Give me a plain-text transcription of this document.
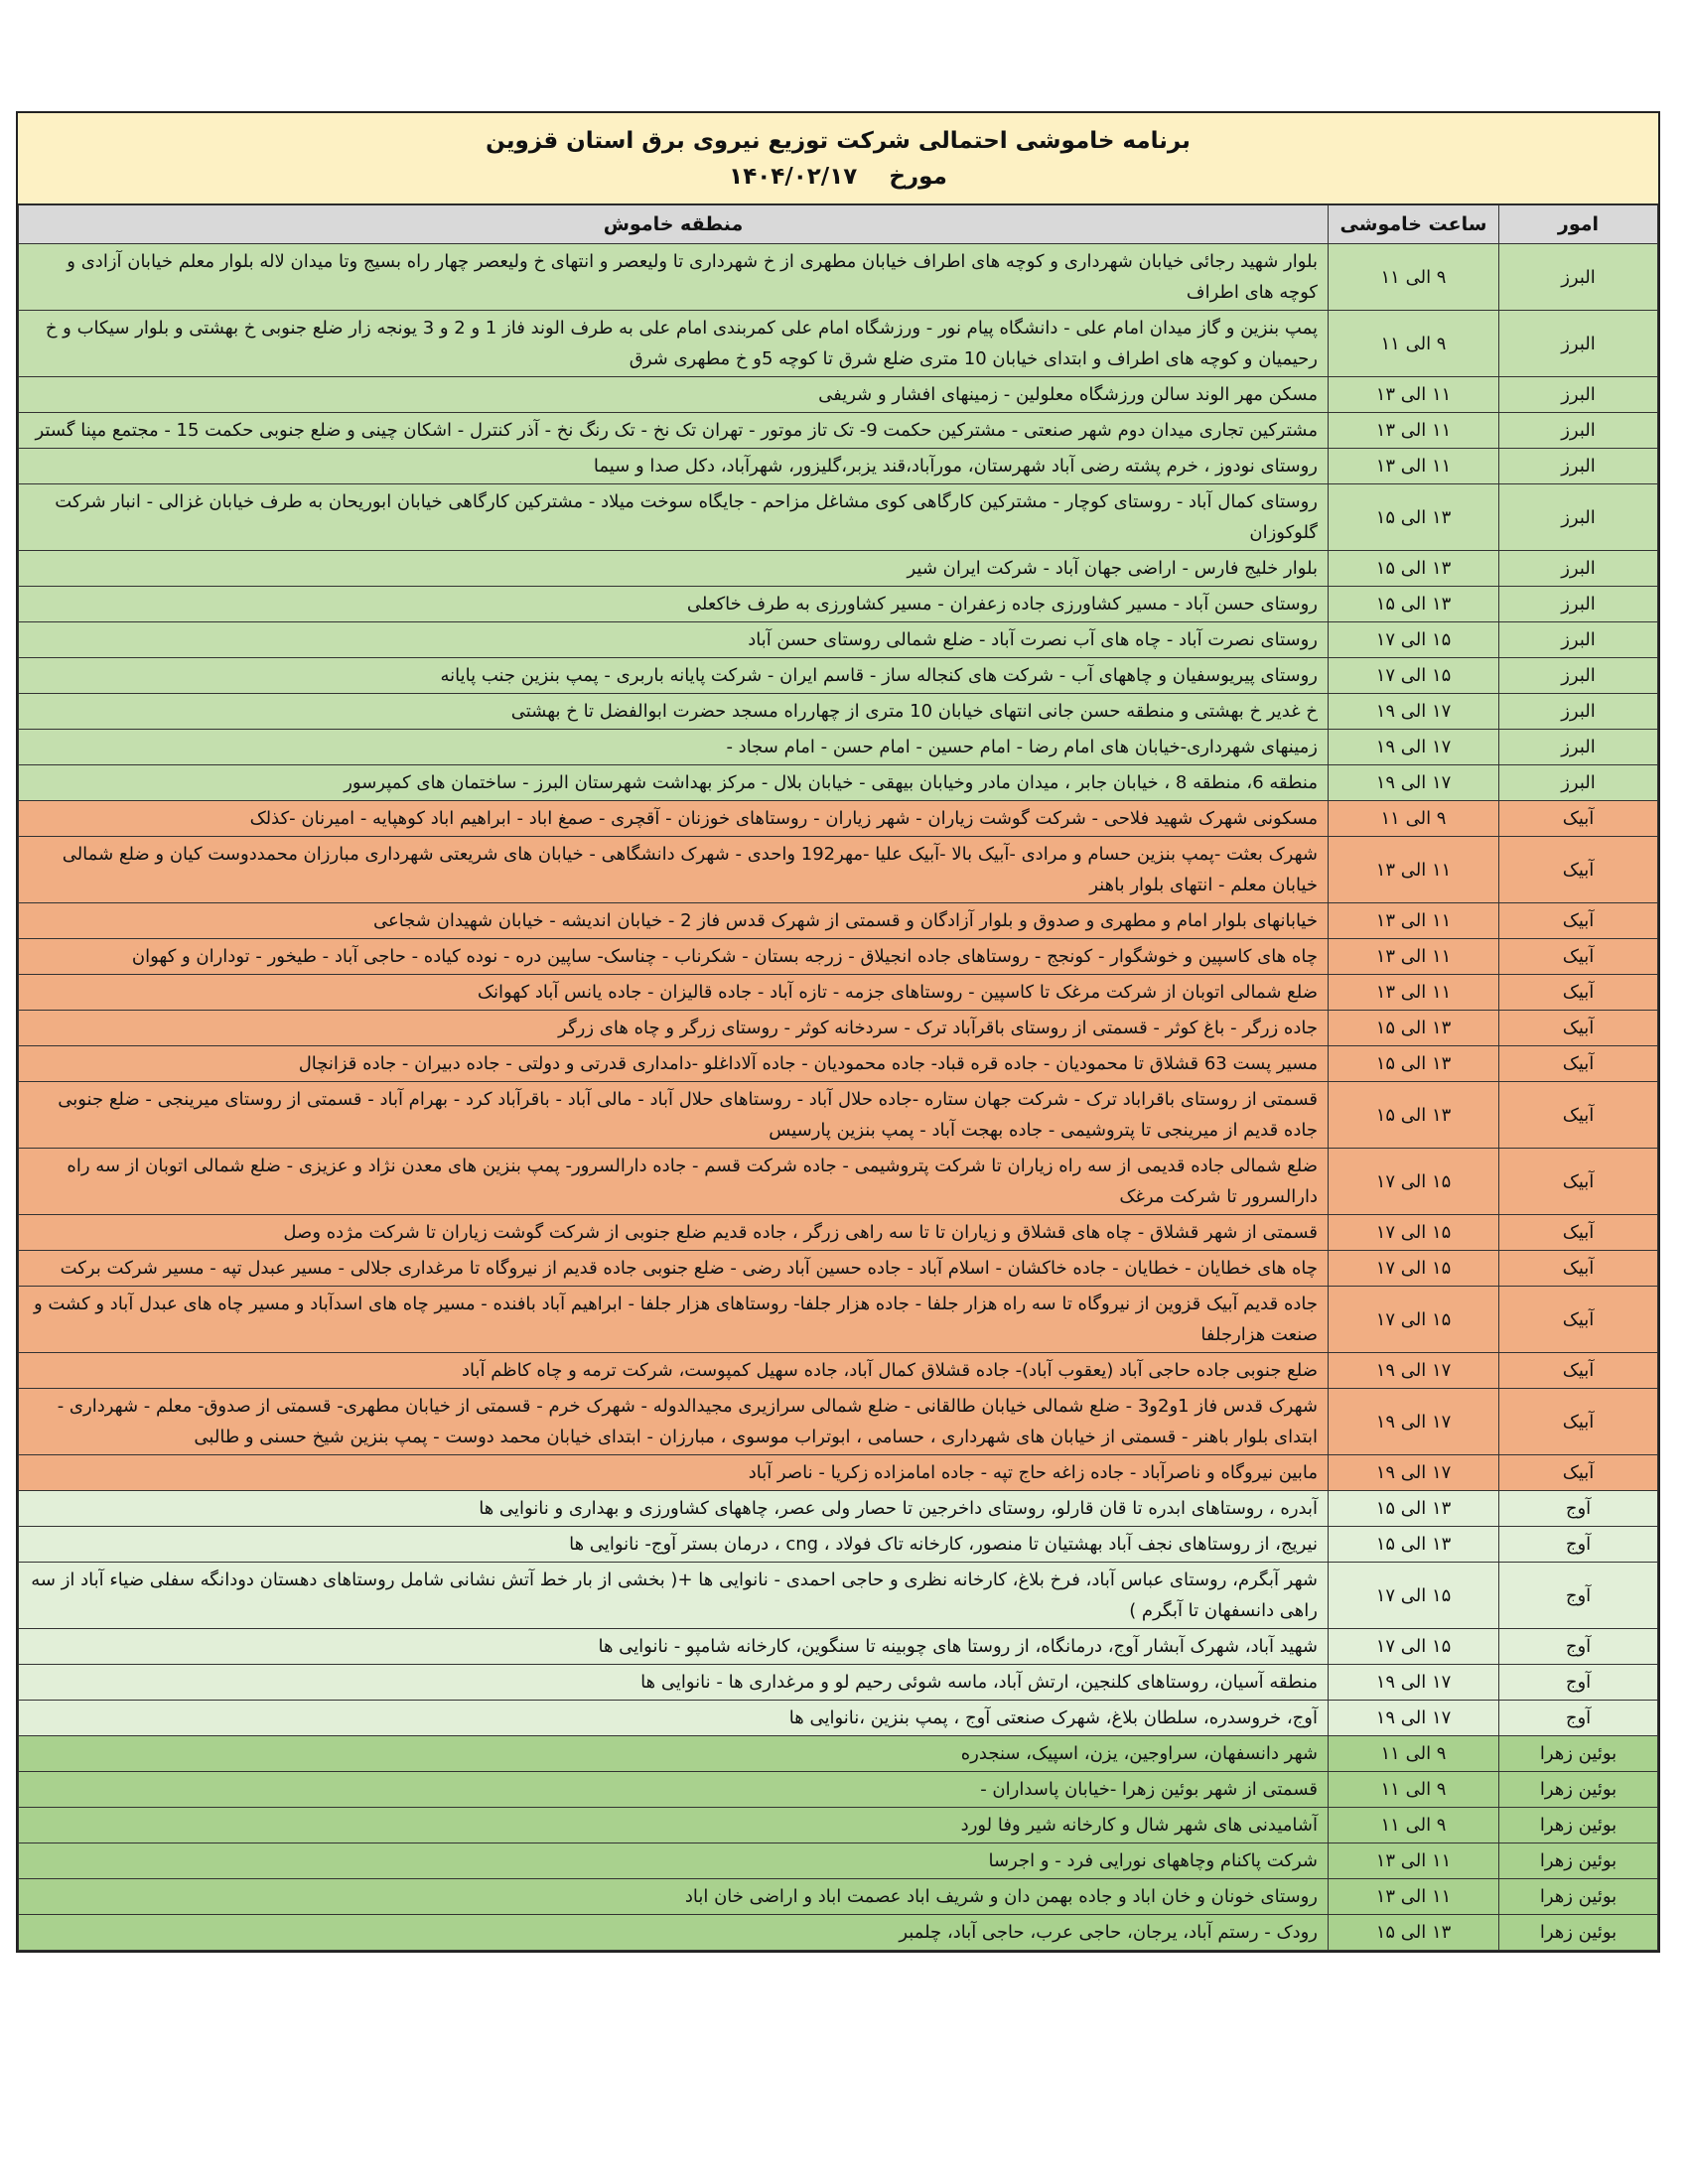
برنامه خاموشی احتمالی شرکت توزیع نیروی برق استان قزوین
مورخ    ۱۴۰۴/۰۲/۱۷
امور	ساعت خاموشی	منطقه خاموش
البرز	۹ الی ۱۱	بلوار شهید رجائی خیابان شهرداری و کوچه های اطراف خیابان مطهری از خ شهرداری تا ولیعصر و انتهای خ ولیعصر چهار راه بسیج وتا میدان لاله بلوار معلم خیابان آزادی و کوچه های اطراف
البرز	۹ الی ۱۱	پمپ بنزین و گاز میدان امام علی - دانشگاه پیام نور - ورزشگاه امام علی کمربندی امام علی به طرف الوند فاز 1 و 2 و 3 یونجه زار ضلع جنوبی خ بهشتی و بلوار سیکاب و خ رحیمیان و کوچه های اطراف و ابتدای خیابان 10 متری ضلع شرق تا کوچه 5و خ مطهری شرق
البرز	۱۱ الی ۱۳	مسکن مهر الوند سالن ورزشگاه معلولین - زمینهای افشار و شریفی
البرز	۱۱ الی ۱۳	مشترکین تجاری میدان دوم شهر صنعتی - مشترکین حکمت 9- تک تاز موتور - تهران تک نخ - تک رنگ نخ - آذر کنترل - اشکان چینی و ضلع جنوبی حکمت 15 - مجتمع مپنا گستر
البرز	۱۱ الی ۱۳	روستای نودوز ، خرم پشته رضی آباد شهرستان، مورآباد،قند یزبر،گلیزور، شهرآباد، دکل صدا و سیما
البرز	۱۳ الی ۱۵	روستای کمال آباد - روستای کوچار - مشترکین کارگاهی کوی مشاغل مزاحم - جایگاه سوخت میلاد - مشترکین کارگاهی خیابان ابوریحان به طرف خیابان غزالی - انبار شرکت گلوکوزان
البرز	۱۳ الی ۱۵	بلوار خلیج فارس - اراضی جهان آباد - شرکت ایران شیر
البرز	۱۳ الی ۱۵	روستای حسن آباد - مسیر کشاورزی جاده زعفران - مسیر کشاورزی به طرف خاکعلی
البرز	۱۵ الی ۱۷	روستای نصرت آباد - چاه های آب نصرت آباد - ضلع شمالی روستای حسن آباد
البرز	۱۵ الی ۱۷	روستای پیریوسفیان و چاههای آب - شرکت های کنجاله ساز - قاسم ایران - شرکت پایانه باربری - پمپ بنزین جنب پایانه
البرز	۱۷ الی ۱۹	خ غدیر خ بهشتی و منطقه حسن جانی انتهای خیابان 10 متری از چهارراه مسجد حضرت ابوالفضل تا خ بهشتی
البرز	۱۷ الی ۱۹	زمینهای شهرداری-خیابان های امام رضا - امام حسین - امام حسن - امام سجاد -
البرز	۱۷ الی ۱۹	منطقه 6، منطقه 8 ، خیابان جابر ، میدان مادر وخیابان بیهقی - خیابان بلال - مرکز بهداشت شهرستان البرز - ساختمان های کمپرسور
آبیک	۹ الی ۱۱	مسکونی شهرک شهید فلاحی - شرکت گوشت زیاران - شهر زیاران - روستاهای خوزنان - آقچری - صمغ اباد - ابراهیم اباد کوهپایه - امیرنان -کذلک
آبیک	۱۱ الی ۱۳	شهرک بعثت -پمپ بنزین حسام و مرادی -آبیک بالا -آبیک علیا -مهر192 واحدی - شهرک دانشگاهی - خیابان های شریعتی شهرداری مبارزان محمددوست کیان و ضلع شمالی خیابان معلم - انتهای بلوار باهنر
آبیک	۱۱ الی ۱۳	خیابانهای بلوار امام و مطهری و صدوق و بلوار آزادگان و قسمتی از شهرک قدس فاز 2 - خیابان اندیشه - خیابان شهیدان شجاعی
آبیک	۱۱ الی ۱۳	چاه های کاسپین و خوشگوار - کونجج - روستاهای جاده انجیلاق - زرجه بستان - شکرناب - چناسک- ساپین دره - نوده کیاده - حاجی آباد - طیخور - توداران و کهوان
آبیک	۱۱ الی ۱۳	ضلع شمالی اتوبان از شرکت مرغک تا کاسپین - روستاهای جزمه - تازه آباد - جاده قالیزان - جاده یانس آباد کهوانک
آبیک	۱۳ الی ۱۵	جاده زرگر - باغ کوثر - قسمتی از روستای باقرآباد ترک - سردخانه کوثر - روستای زرگر و چاه های زرگر
آبیک	۱۳ الی ۱۵	مسیر پست 63 قشلاق تا محمودیان - جاده قره قباد- جاده محمودیان - جاده آلاداغلو -دامداری قدرتی و دولتی - جاده دبیران - جاده قزانچال
آبیک	۱۳ الی ۱۵	قسمتی از روستای باقراباد ترک - شرکت جهان ستاره -جاده حلال آباد - روستاهای حلال آباد - مالی آباد - باقرآباد کرد - بهرام آباد - قسمتی از روستای میرینجی - ضلع جنوبی جاده قدیم از میرینجی تا پتروشیمی - جاده بهجت آباد - پمپ بنزین پارسیس
آبیک	۱۵ الی ۱۷	ضلع شمالی جاده قدیمی از سه راه زیاران تا شرکت پتروشیمی - جاده شرکت قسم - جاده دارالسرور- پمپ بنزین های معدن نژاد و عزیزی - ضلع شمالی اتوبان از سه راه دارالسرور تا شرکت مرغک
آبیک	۱۵ الی ۱۷	قسمتی از شهر قشلاق - چاه های قشلاق و زیاران تا تا سه راهی زرگر ، جاده قدیم ضلع جنوبی از شرکت گوشت زیاران تا شرکت مژده وصل
آبیک	۱۵ الی ۱۷	چاه های خطایان - خطایان - جاده خاکشان - اسلام آباد - جاده حسین آباد رضی - ضلع جنوبی جاده قدیم از نیروگاه تا مرغداری جلالی - مسیر عبدل تپه - مسیر شرکت برکت
آبیک	۱۵ الی ۱۷	جاده قدیم آبیک قزوین از نیروگاه تا سه راه هزار جلفا - جاده هزار جلفا- روستاهای هزار جلفا - ابراهیم آباد بافنده - مسیر چاه های اسدآباد و مسیر چاه های عبدل آباد و کشت و صنعت هزارجلفا
آبیک	۱۷ الی ۱۹	ضلع جنوبی جاده حاجی آباد (یعقوب آباد)- جاده قشلاق کمال آباد، جاده سهیل کمپوست، شرکت ترمه و چاه کاظم آباد
آبیک	۱۷ الی ۱۹	شهرک قدس فاز 1و2و3 - ضلع شمالی خیابان طالقانی - ضلع شمالی سرازیری مجیدالدوله - شهرک خرم - قسمتی از خیابان مطهری- قسمتی از صدوق- معلم - شهرداری - ابتدای بلوار باهنر - قسمتی از خیابان های شهرداری ، حسامی ، ابوتراب موسوی ، مبارزان - ابتدای خیابان محمد دوست - پمپ بنزین شیخ حسنی و طالبی
آبیک	۱۷ الی ۱۹	مابین نیروگاه و ناصرآباد - جاده زاغه حاج تپه - جاده امامزاده زکریا - ناصر آباد
آوج	۱۳ الی ۱۵	آبدره ، روستاهای ابدره تا قان قارلو، روستای داخرجین تا حصار ولی عصر، چاههای کشاورزی و بهداری و نانوایی ها
آوج	۱۳ الی ۱۵	نیریج، از روستاهای نجف آباد بهشتیان تا منصور، کارخانه تاک فولاد ، cng ، درمان بستر آوج- نانوایی ها
آوج	۱۵ الی ۱۷	شهر آبگرم، روستای عباس آباد، فرخ بلاغ، کارخانه نظری و حاجی احمدی - نانوایی ها +( بخشی از بار خط آتش نشانی شامل روستاهای دهستان دودانگه سفلی ضیاء آباد از سه راهی دانسفهان تا آبگرم )
آوج	۱۵ الی ۱۷	شهید آباد، شهرک آبشار آوج، درمانگاه، از روستا های چوبینه تا سنگوین، کارخانه شامپو - نانوایی ها
آوج	۱۷ الی ۱۹	منطقه آسیان، روستاهای کلنجین، ارتش آباد، ماسه شوئی رحیم لو و مرغداری ها - نانوایی ها
آوج	۱۷ الی ۱۹	آوج، خروسدره، سلطان بلاغ، شهرک صنعتی آوج ، پمپ بنزین ،نانوایی ها
بوئین زهرا	۹ الی ۱۱	شهر دانسفهان، سراوجین، یزن، اسپیک، سنجدره
بوئین زهرا	۹ الی ۱۱	قسمتی از شهر بوئین زهرا -خیابان پاسداران -
بوئین زهرا	۹ الی ۱۱	آشامیدنی های شهر شال و کارخانه شیر وفا لورد
بوئین زهرا	۱۱ الی ۱۳	شرکت پاکنام وچاههای نورایی فرد - و اجرسا
بوئین زهرا	۱۱ الی ۱۳	روستای خونان و خان اباد و جاده بهمن دان و شریف اباد عصمت اباد و اراضی خان اباد
بوئین زهرا	۱۳ الی ۱۵	رودک - رستم آباد، یرجان، حاجی عرب، حاجی آباد، چلمبر
